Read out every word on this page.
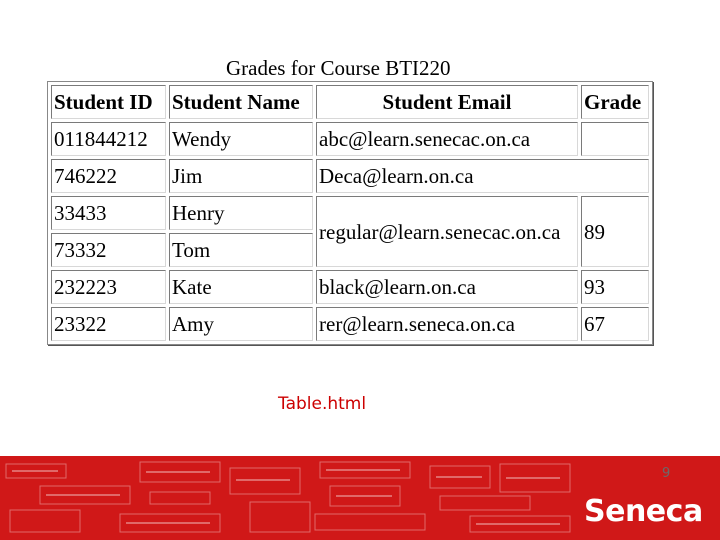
Grades for Course BTI220
Student ID	Student Name	Student Email	Grade
011844212	Wendy	abc@learn.senecac.on.ca	
746222	Jim	Deca@learn.on.ca	
33433	Henry	regular@learn.senecac.on.ca	89
73332	Tom		
232223	Kate	black@learn.on.ca	93
23322	Amy	rer@learn.seneca.on.ca	67
Table.html
Seneca
9
